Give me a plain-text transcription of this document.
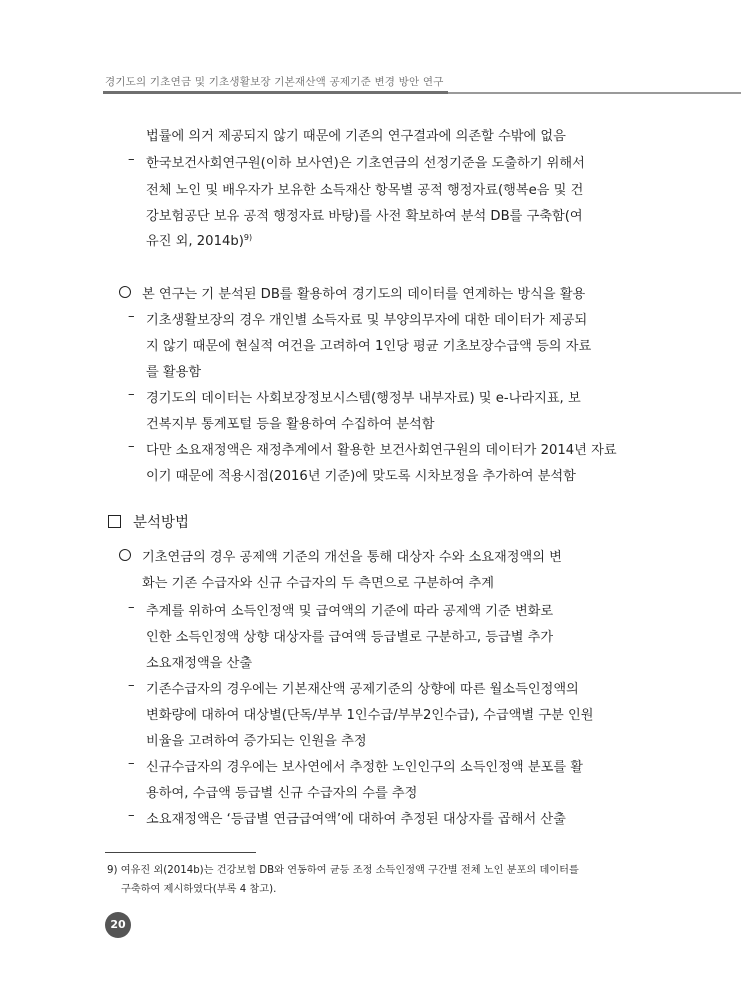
경기도의 기초연금 및 기초생활보장 기본재산액 공제기준 변경 방안 연구
법률에 의거 제공되지 않기 때문에 기존의 연구결과에 의존할 수밖에 없음
– 한국보건사회연구원(이하 보사연)은 기초연금의 선정기준을 도출하기 위해서
전체 노인 및 배우자가 보유한 소득재산 항목별 공적 행정자료(행복e음 및 건
강보험공단 보유 공적 행정자료 바탕)를 사전 확보하여 분석 DB를 구축함(여
유진 외, 2014b)$^{9)}$
본 연구는 기 분석된 DB를 활용하여 경기도의 데이터를 연계하는 방식을 활용
– 기초생활보장의 경우 개인별 소득자료 및 부양의무자에 대한 데이터가 제공되
지 않기 때문에 현실적 여건을 고려하여 1인당 평균 기초보장수급액 등의 자료
를 활용함
– 경기도의 데이터는 사회보장정보시스템(행정부 내부자료) 및 e-나라지표, 보
건복지부 통계포털 등을 활용하여 수집하여 분석함
– 다만 소요재정액은 재정추계에서 활용한 보건사회연구원의 데이터가 2014년 자료
이기 때문에 적용시점(2016년 기준)에 맞도록 시차보정을 추가하여 분석함
분석방법
기초연금의 경우 공제액 기준의 개선을 통해 대상자 수와 소요재정액의 변
화는 기존 수급자와 신규 수급자의 두 측면으로 구분하여 추계
– 추계를 위하여 소득인정액 및 급여액의 기준에 따라 공제액 기준 변화로
인한 소득인정액 상향 대상자를 급여액 등급별로 구분하고, 등급별 추가
소요재정액을 산출
– 기존수급자의 경우에는 기본재산액 공제기준의 상향에 따른 월소득인정액의
변화량에 대하여 대상별(단독/부부 1인수급/부부2인수급), 수급액별 구분 인원
비율을 고려하여 증가되는 인원을 추정
– 신규수급자의 경우에는 보사연에서 추정한 노인인구의 소득인정액 분포를 활
용하여, 수급액 등급별 신규 수급자의 수를 추정
– 소요재정액은 ‘등급별 연금급여액’에 대하여 추정된 대상자를 곱해서 산출
9) 여유진 외(2014b)는 건강보험 DB와 연동하여 균등 조정 소득인정액 구간별 전체 노인 분포의 데이터를
구축하여 제시하였다(부록 4 참고).
20
